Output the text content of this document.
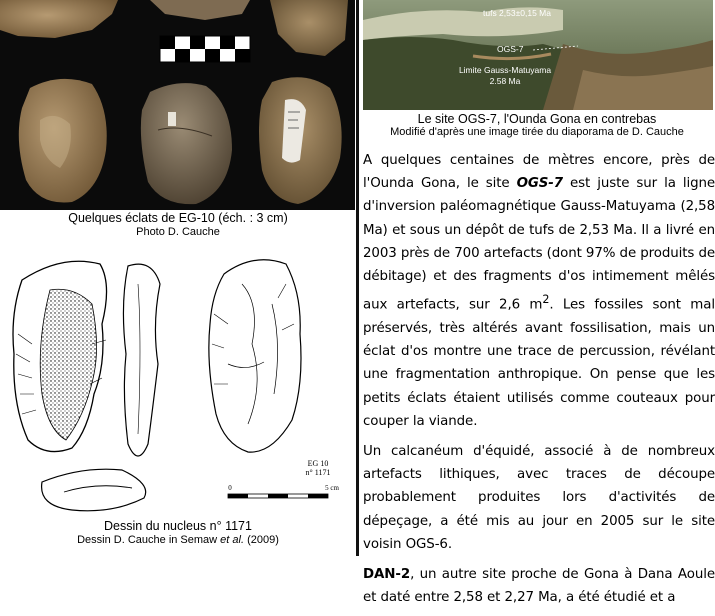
Quelques éclats de EG-10 (éch. : 3 cm)
Photo D. Cauche
EG 10
n° 1171
0	5 cm
Dessin du nucleus n° 1171
Dessin D. Cauche in Semaw et al. (2009)
tufs 2,53±0,15 Ma
OGS-7
Limite Gauss-Matuyama
2.58 Ma
Le site OGS-7, l'Ounda Gona en contrebas
Modifié d'après une image tirée du diaporama de D. Cauche

A quelques centaines de mètres encore, près de l'Ounda Gona, le site OGS-7 est juste sur la ligne d'inversion paléomagnétique Gauss-Matuyama (2,58 Ma) et sous un dépôt de tufs de 2,53 Ma. Il a livré en 2003 près de 700 artefacts (dont 97% de produits de débitage) et des fragments d'os intimement mêlés aux artefacts, sur 2,6 $m^2$. Les fossiles sont mal préservés, très altérés avant fossilisation, mais un éclat d'os montre une trace de percussion, révélant une fragmentation anthropique. On pense que les petits éclats étaient utilisés comme couteaux pour couper la viande.

Un calcanéum d'équidé, associé à de nombreux artefacts lithiques, avec traces de découpe probablement produites lors d'activités de dépeçage, a été mis au jour en 2005 sur le site voisin OGS-6.

DAN-2, un autre site proche de Gona à Dana Aoule et daté entre 2,58 et 2,27 Ma, a été étudié et a
